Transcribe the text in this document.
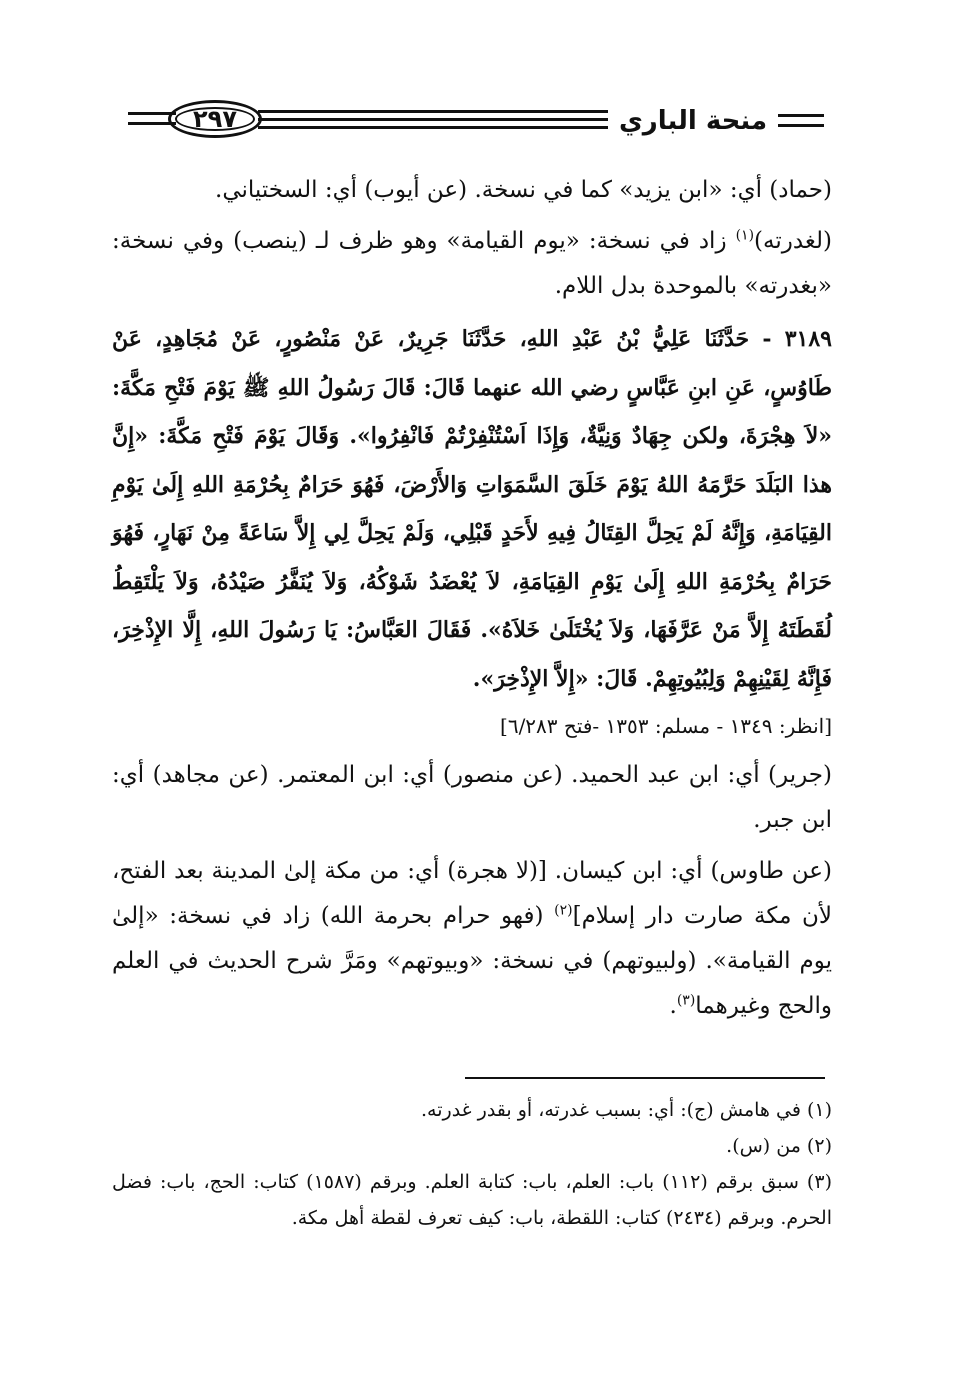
٢٩٧	منحة الباري

(حماد) أي: «ابن يزيد» كما في نسخة. (عن أيوب) أي: السختياني.

(لغدرته)$^{(١)}$ زاد في نسخة: «يوم القيامة» وهو ظرف لـ (ينصب) وفي نسخة: «بغدرته» بالموحدة بدل اللام.

٣١٨٩ - حَدَّثَنَا عَلِيُّ بْنُ عَبْدِ اللهِ، حَدَّثَنَا جَرِيرٌ، عَنْ مَنْصُورٍ، عَنْ مُجَاهِدٍ، عَنْ طَاوُسٍ، عَنِ ابنِ عَبَّاسٍ رضي الله عنهما قَالَ: قَالَ رَسُولُ اللهِ ﷺ يَوْمَ فَتْحِ مَكَّةَ: «لاَ هِجْرَةَ، ولكن جِهَادٌ وَنِيَّةٌ، وَإِذَا اَسْتُنْفِرْتُمْ فَانْفِرُوا». وَقَالَ يَوْمَ فَتْحِ مَكَّةَ: «إِنَّ هذا البَلَدَ حَرَّمَهُ اللهُ يَوْمَ خَلَقَ السَّمَوَاتِ وَالأَرْضَ، فَهُوَ حَرَامٌ بِحُرْمَةِ اللهِ إِلَىٰ يَوْمِ القِيَامَةِ، وَإِنَّهُ لَمْ يَحِلَّ القِتَالُ فِيهِ لأَحَدٍ قَبْلِي، وَلَمْ يَحِلَّ لِي إِلاَّ سَاعَةً مِنْ نَهَارٍ، فَهُوَ حَرَامٌ بِحُرْمَةِ اللهِ إِلَىٰ يَوْمِ القِيَامَةِ، لاَ يُعْضَدُ شَوْكُهُ، وَلاَ يُنَفَّرُ صَيْدُهُ، وَلاَ يَلْتَقِطُ لُقَطَتَهُ إِلاَّ مَنْ عَرَّفَهَا، وَلاَ يُخْتَلَىٰ خَلاَهُ». فَقَالَ العَبَّاسُ: يَا رَسُولَ اللهِ، إِلَّا الإِذْخِرَ، فَإِنَّهُ لِقَيْنِهِمْ وَلِبُيُوتِهِمْ. قَالَ: «إِلاَّ الإِذْخِرَ».

[انظر: ١٣٤٩ - مسلم: ١٣٥٣ -فتح ٦/٢٨٣]

(جرير) أي: ابن عبد الحميد. (عن منصور) أي: ابن المعتمر. (عن مجاهد) أي: ابن جبر.

(عن طاوس) أي: ابن كيسان. [(لا هجرة) أي: من مكة إلىٰ المدينة بعد الفتح، لأن مكة صارت دار إسلام]$^{(٢)}$ (فهو حرام بحرمة الله) زاد في نسخة: «إلىٰ يوم القيامة». (ولبيوتهم) في نسخة: «وبيوتهم» ومَرَّ شرح الحديث في العلم والحج وغيرهما$^{(٣)}$.

(١) في هامش (ج): أي: بسبب غدرته، أو بقدر غدرته.

(٢) من (س).

(٣) سبق برقم (١١٢) باب: العلم، باب: كتابة العلم. وبرقم (١٥٨٧) كتاب: الحج، باب: فضل الحرم. وبرقم (٢٤٣٤) كتاب: اللقطة، باب: كيف تعرف لقطة أهل مكة.
